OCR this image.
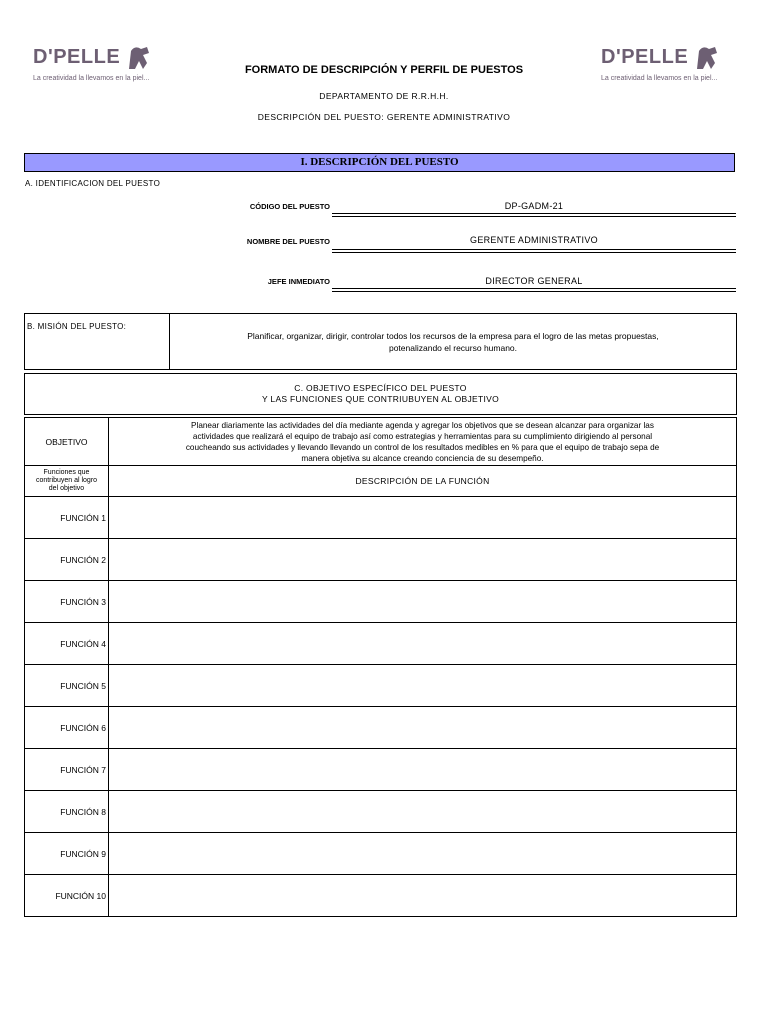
D'PELLE
La creatividad la llevamos en la piel...
D'PELLE
La creatividad la llevamos en la piel...
FORMATO DE DESCRIPCIÓN Y PERFIL DE PUESTOS
DEPARTAMENTO DE R.R.H.H.
DESCRIPCIÓN DEL PUESTO: GERENTE ADMINISTRATIVO
I. DESCRIPCIÓN DEL PUESTO
A. IDENTIFICACION DEL PUESTO
CÓDIGO DEL PUESTO	DP-GADM-21
NOMBRE DEL PUESTO	GERENTE ADMINISTRATIVO
JEFE INMEDIATO	DIRECTOR GENERAL
B. MISIÓN DEL PUESTO:	
Planificar, organizar, dirigir, controlar todos los recursos de la empresa para el logro de las metas propuestas,
potenalizando el recurso humano.
C. OBJETIVO ESPECÍFICO DEL PUESTO
Y LAS FUNCIONES QUE CONTRIUBUYEN AL OBJETIVO
OBJETIVO	Planear diariamente las actividades del día mediante agenda y agregar los objetivos que se desean alcanzar para organizar las
actividades que realizará el equipo de trabajo así como estrategias y herramientas para su cumplimiento dirigiendo al personal
coucheando sus actividades y llevando llevando un control de los resultados medibles en % para que el equipo de trabajo sepa de
manera objetiva su alcance creando conciencia de su desempeño.

Funciones que
contribuyen al logro
del objetivo	DESCRIPCIÓN DE LA FUNCIÓN
FUNCIÓN 1	
FUNCIÓN 2	
FUNCIÓN 3	
FUNCIÓN 4	
FUNCIÓN 5	
FUNCIÓN 6	
FUNCIÓN 7	
FUNCIÓN 8	
FUNCIÓN 9	
FUNCIÓN 10	
